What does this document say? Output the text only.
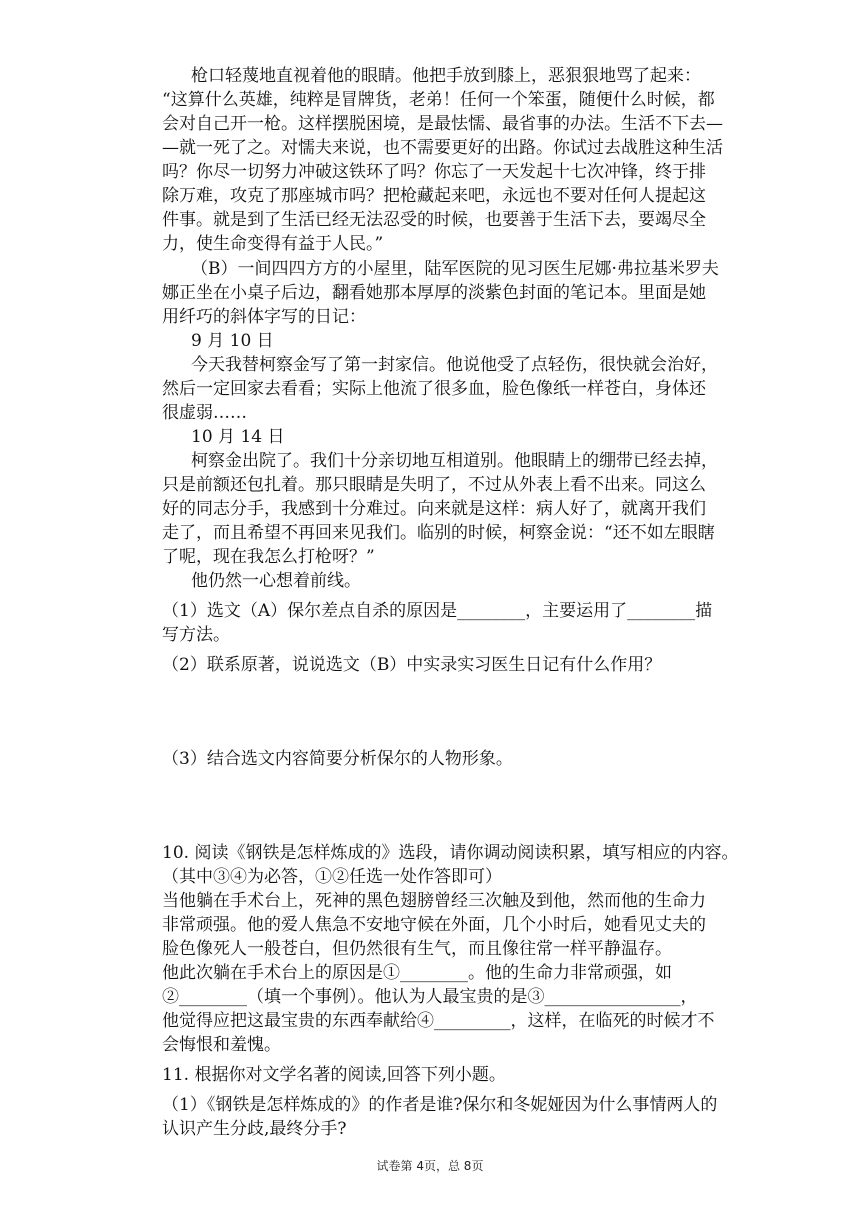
枪口轻蔑地直视着他的眼睛。他把手放到膝上，恶狠狠地骂了起来：
“这算什么英雄，纯粹是冒牌货，老弟！任何一个笨蛋，随便什么时候，都
会对自己开一枪。这样摆脱困境，是最怯懦、最省事的办法。生活不下去—
—就一死了之。对懦夫来说，也不需要更好的出路。你试过去战胜这种生活
吗？你尽一切努力冲破这铁环了吗？你忘了一天发起十七次冲锋，终于排
除万难，攻克了那座城市吗？把枪藏起来吧，永远也不要对任何人提起这
件事。就是到了生活已经无法忍受的时候，也要善于生活下去，要竭尽全
力，使生命变得有益于人民。”
（B）一间四四方方的小屋里，陆军医院的见习医生尼娜·弗拉基米罗夫
娜正坐在小桌子后边，翻看她那本厚厚的淡紫色封面的笔记本。里面是她
用纤巧的斜体字写的日记：
9 月 10 日
今天我替柯察金写了第一封家信。他说他受了点轻伤，很快就会治好，
然后一定回家去看看；实际上他流了很多血，脸色像纸一样苍白，身体还
很虚弱……
10 月 14 日
柯察金出院了。我们十分亲切地互相道别。他眼睛上的绷带已经去掉，
只是前额还包扎着。那只眼睛是失明了，不过从外表上看不出来。同这么
好的同志分手，我感到十分难过。向来就是这样：病人好了，就离开我们
走了，而且希望不再回来见我们。临别的时候，柯察金说：“还不如左眼瞎
了呢，现在我怎么打枪呀？”
他仍然一心想着前线。
（1）选文（A）保尔差点自杀的原因是________，主要运用了________描
写方法。
（2）联系原著，说说选文（B）中实录实习医生日记有什么作用？
（3）结合选文内容简要分析保尔的人物形象。
10. 阅读《钢铁是怎样炼成的》选段，请你调动阅读积累，填写相应的内容。
（其中③④为必答，①②任选一处作答即可）
当他躺在手术台上，死神的黑色翅膀曾经三次触及到他，然而他的生命力
非常顽强。他的爱人焦急不安地守候在外面，几个小时后，她看见丈夫的
脸色像死人一般苍白，但仍然很有生气，而且像往常一样平静温存。
他此次躺在手术台上的原因是①________。他的生命力非常顽强，如
②________（填一个事例）。他认为人最宝贵的是③________________，
他觉得应把这最宝贵的东西奉献给④_________，这样，在临死的时候才不
会悔恨和羞愧。
11. 根据你对文学名著的阅读,回答下列小题。
（1）《钢铁是怎样炼成的》的作者是谁?保尔和冬妮娅因为什么事情两人的
认识产生分歧,最终分手?
试卷第 4页，总 8页
